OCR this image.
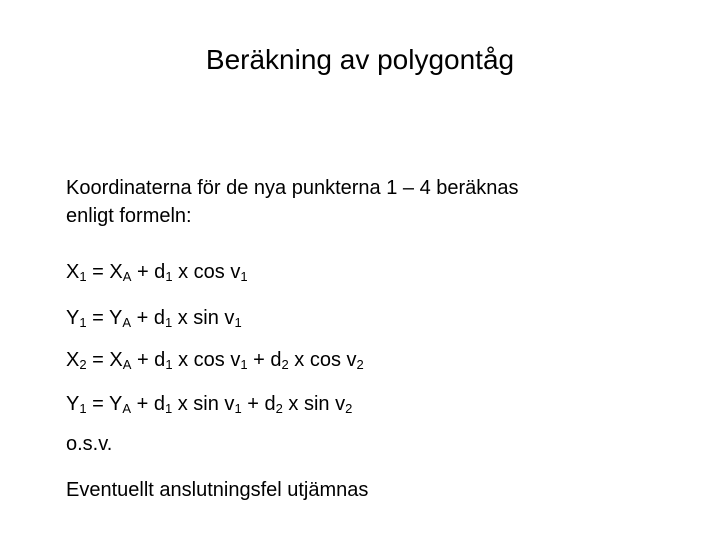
Beräkning av polygontåg

Koordinaterna för de nya punkterna 1 – 4 beräknas
enligt formeln:

$X_1 = X_A + d_1$ x $\cos v_1$

$Y_1 = Y_A + d_1$ x $\sin v_1$

$X_2 = X_A + d_1$ x $\cos v_1 + d_2$ x $\cos v_2$

$Y_1 = Y_A + d_1$ x $\sin v_1 + d_2$ x $\sin v_2$

o.s.v.

Eventuellt anslutningsfel utjämnas
